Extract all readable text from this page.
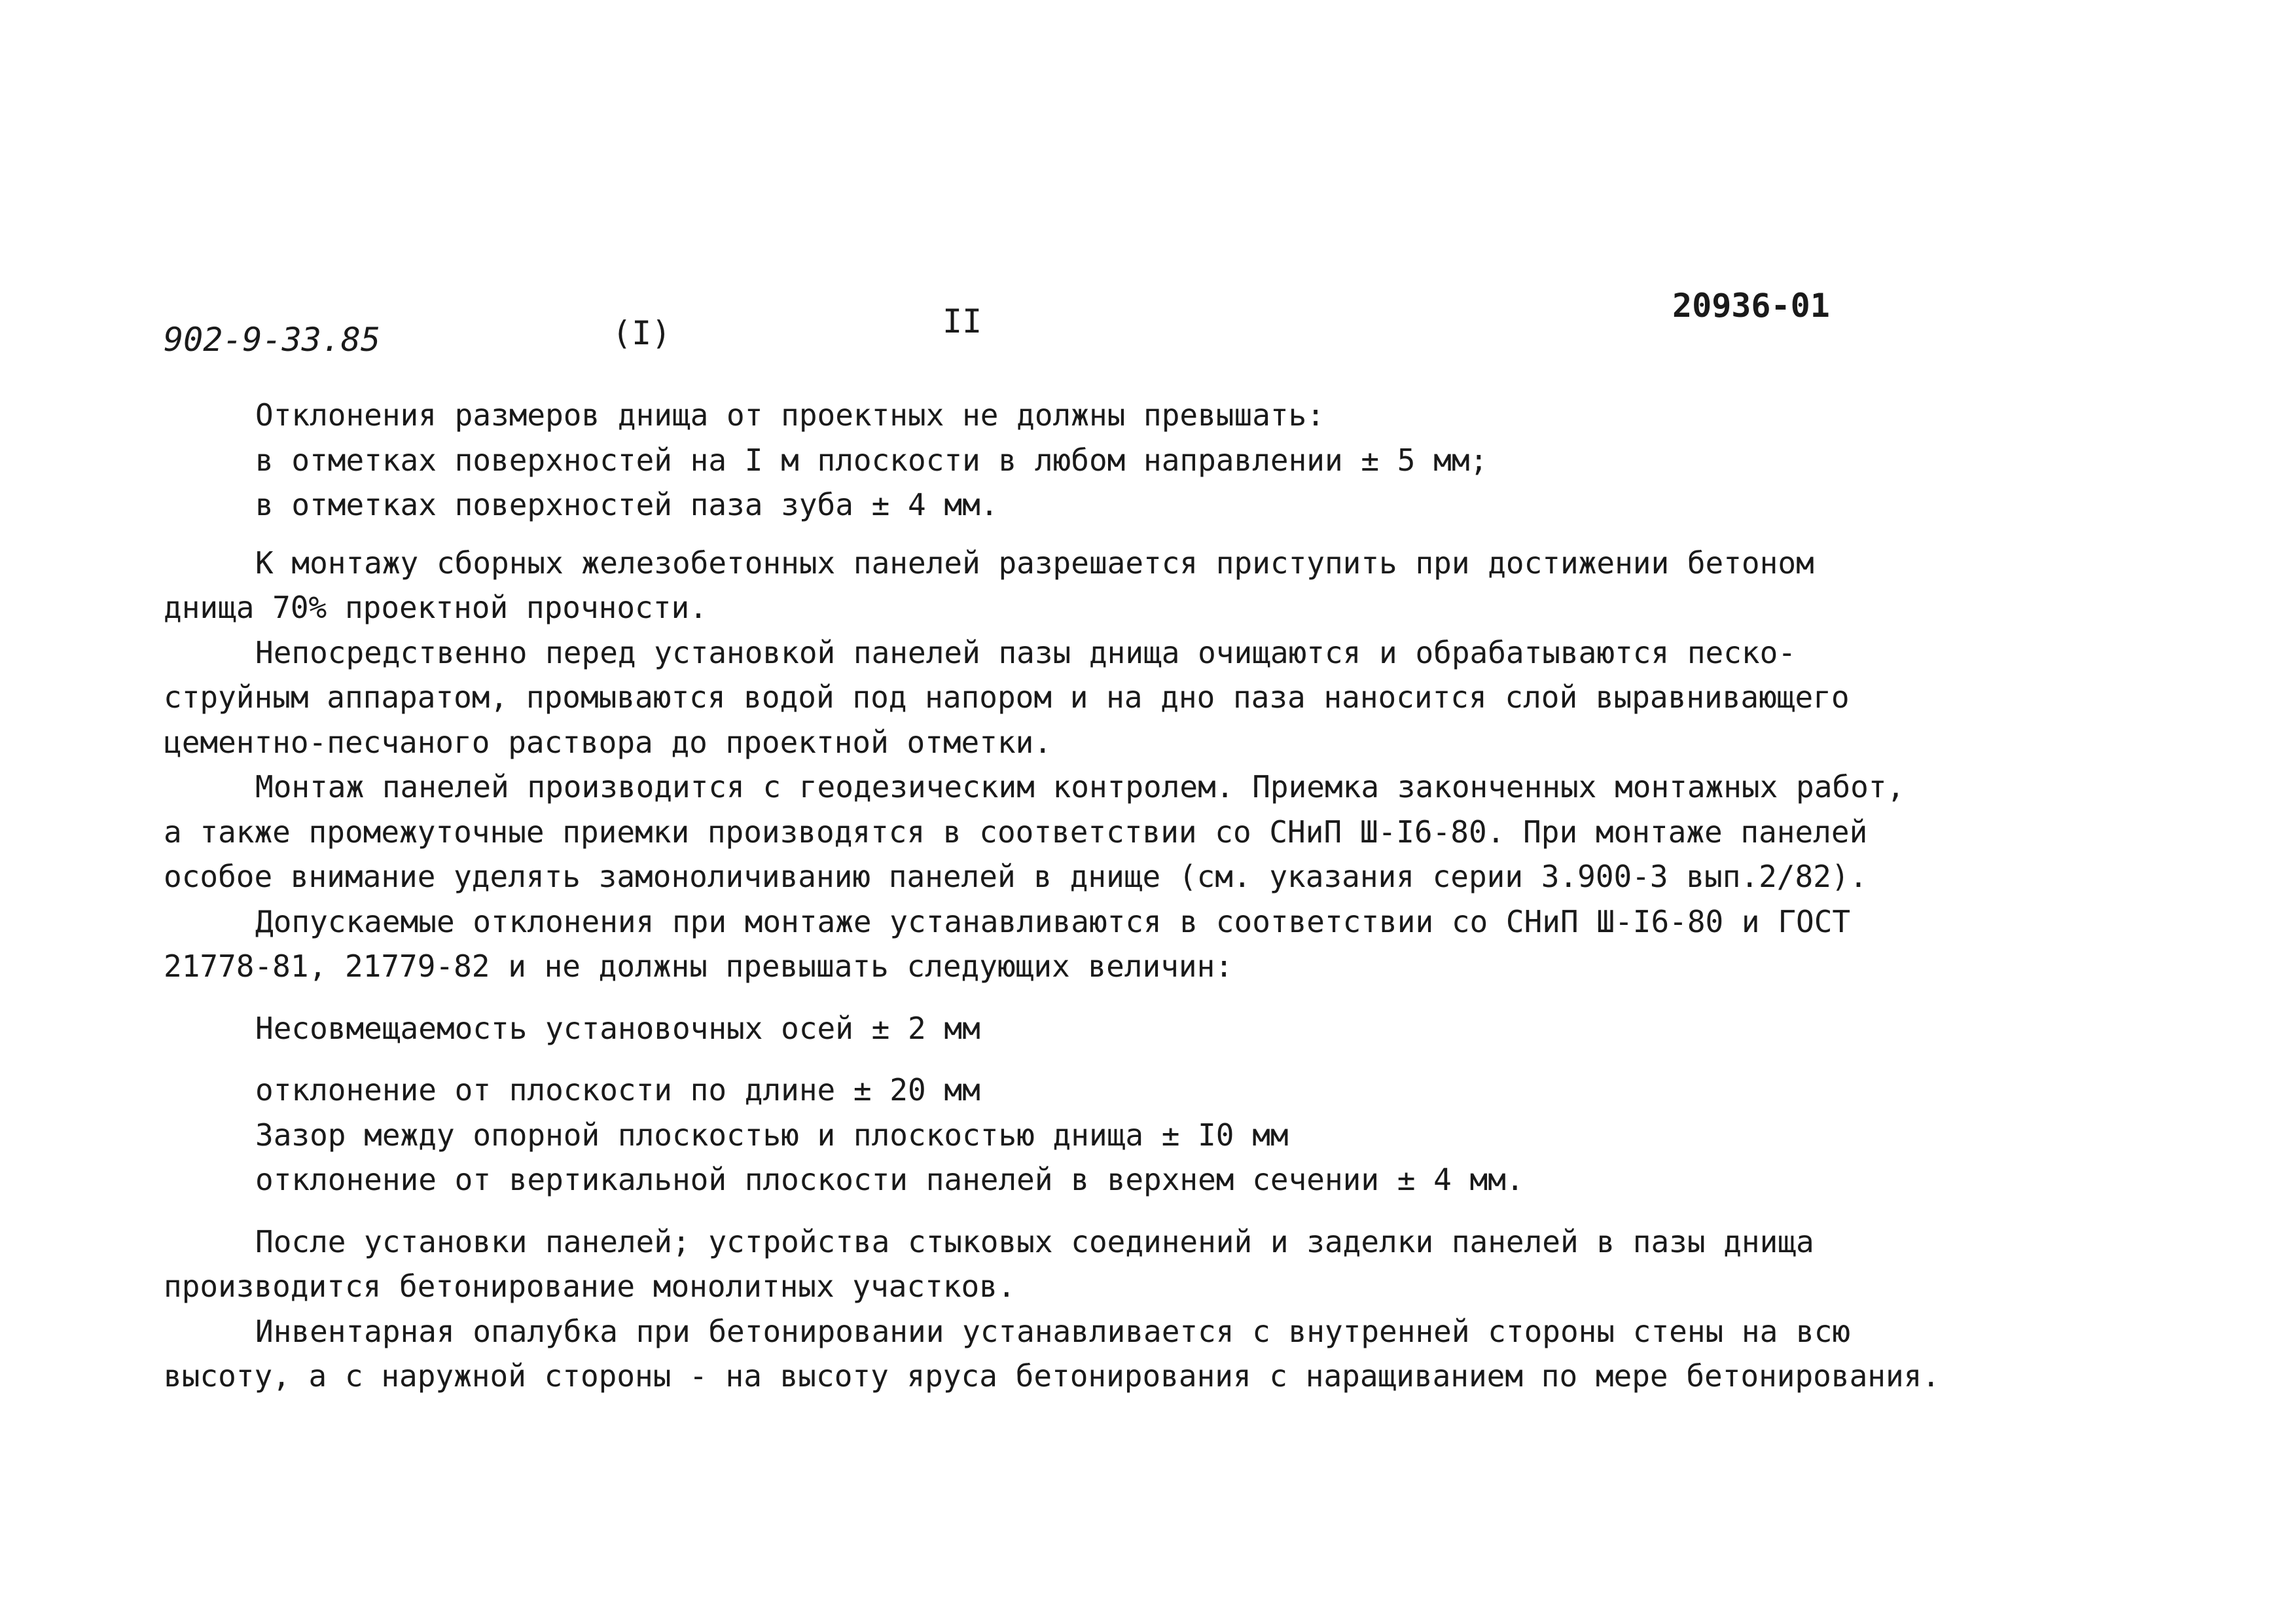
902-9-33.85	(I)	II	20936-01
Отклонения размеров днища от проектных не должны превышать:
в отметках поверхностей на I м плоскости в любом направлении ± 5 мм;
в отметках поверхностей паза зуба ± 4 мм.
К монтажу сборных железобетонных панелей разрешается приступить при достижении бетоном
днища 70% проектной прочности.
Непосредственно перед установкой панелей пазы днища очищаются и обрабатываются песко-
струйным аппаратом, промываются водой под напором и на дно паза наносится слой выравнивающего
цементно-песчаного раствора до проектной отметки.
Монтаж панелей производится с геодезическим контролем. Приемка законченных монтажных работ,
а также промежуточные приемки производятся в соответствии со СНиП Ш-I6-80. При монтаже панелей
особое внимание уделять замоноличиванию панелей в днище (см. указания серии 3.900-3 вып.2/82).
Допускаемые отклонения при монтаже устанавливаются в соответствии со СНиП Ш-I6-80 и ГОСТ
21778-81, 21779-82 и не должны превышать следующих величин:
Несовмещаемость установочных осей ± 2 мм
отклонение от плоскости по длине ± 20 мм
Зазор между опорной плоскостью и плоскостью днища ± I0 мм
отклонение от вертикальной плоскости панелей в верхнем сечении ± 4 мм.
После установки панелей; устройства стыковых соединений и заделки панелей в пазы днища
производится бетонирование монолитных участков.
Инвентарная опалубка при бетонировании устанавливается с внутренней стороны стены на всю
высоту, а с наружной стороны - на высоту яруса бетонирования с наращиванием по мере бетонирования.
